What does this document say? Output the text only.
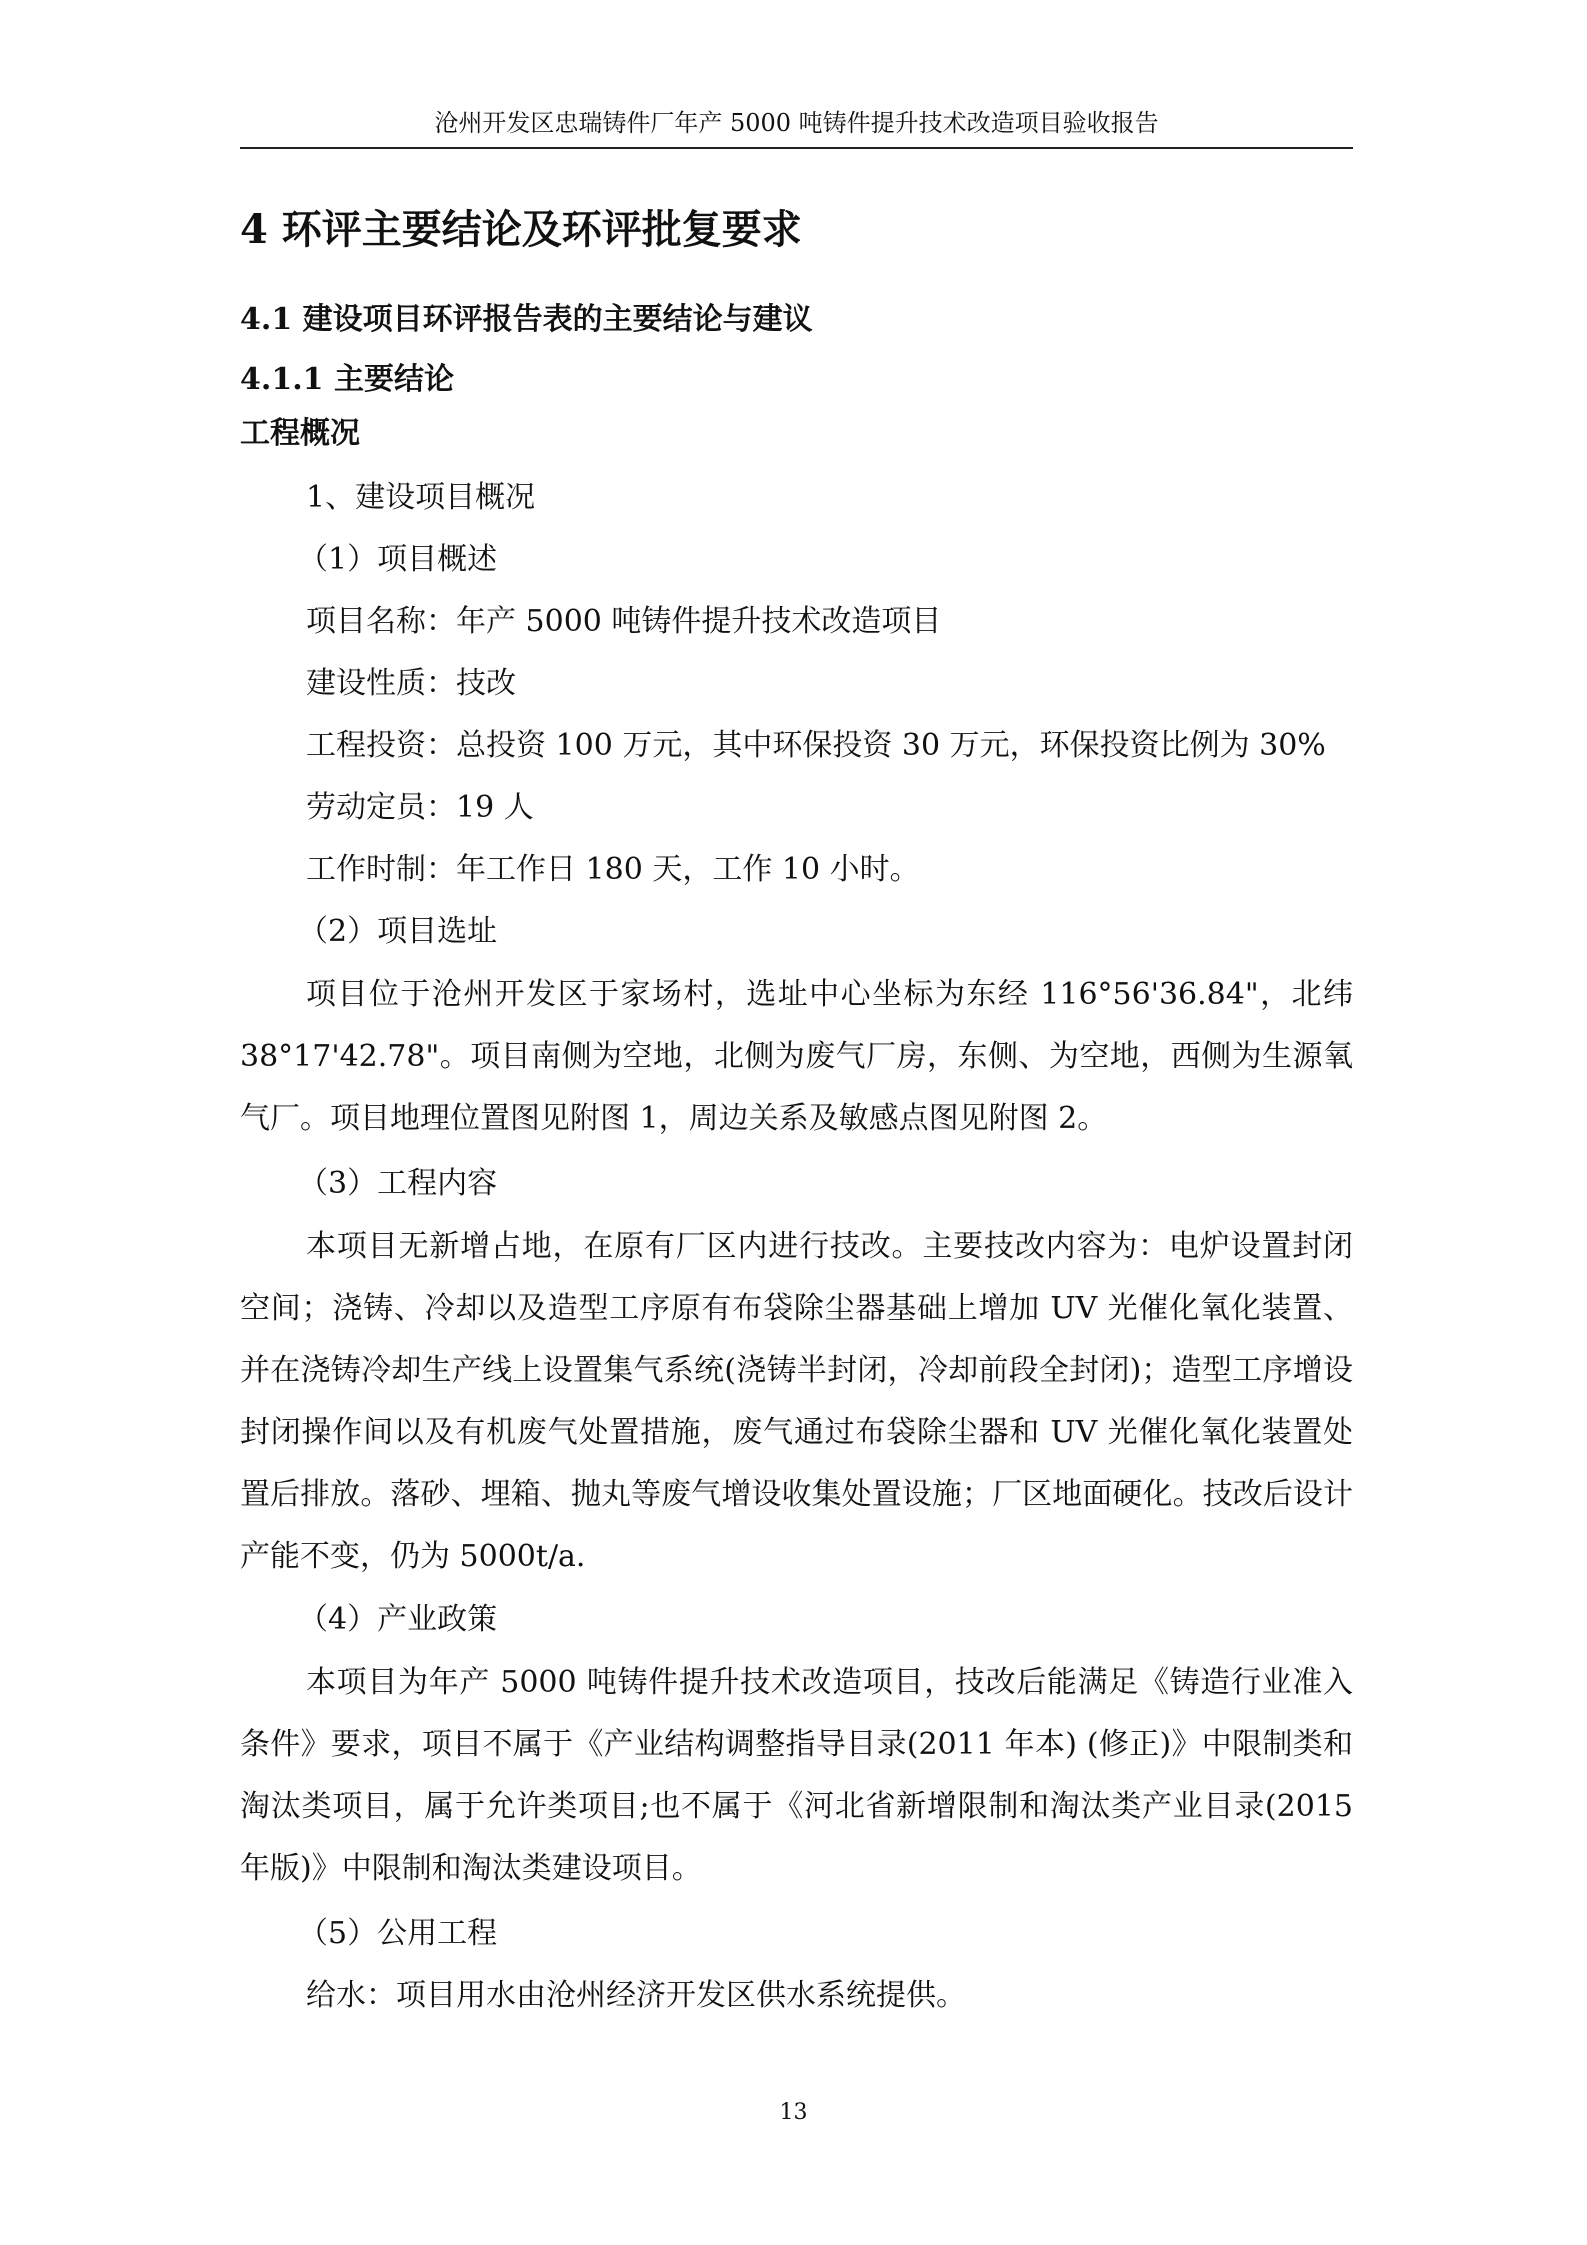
沧州开发区忠瑞铸件厂年产 5000 吨铸件提升技术改造项目验收报告
4 环评主要结论及环评批复要求
4.1 建设项目环评报告表的主要结论与建议
4.1.1 主要结论
工程概况
1、建设项目概况
（1）项目概述
项目名称：年产 5000 吨铸件提升技术改造项目
建设性质：技改
工程投资：总投资 100 万元，其中环保投资 30 万元，环保投资比例为 30%
劳动定员：19 人
工作时制：年工作日 180 天，工作 10 小时。
（2）项目选址
项目位于沧州开发区于家场村，选址中心坐标为东经 116°56'36.84"，北纬 38°17'42.78"。项目南侧为空地，北侧为废气厂房，东侧、为空地，西侧为生源氧气厂。项目地理位置图见附图 1，周边关系及敏感点图见附图 2。
（3）工程内容
本项目无新增占地，在原有厂区内进行技改。主要技改内容为：电炉设置封闭空间；浇铸、冷却以及造型工序原有布袋除尘器基础上增加 UV 光催化氧化装置、并在浇铸冷却生产线上设置集气系统(浇铸半封闭，冷却前段全封闭)；造型工序增设封闭操作间以及有机废气处置措施，废气通过布袋除尘器和 UV 光催化氧化装置处置后排放。落砂、埋箱、抛丸等废气增设收集处置设施；厂区地面硬化。技改后设计产能不变，仍为 5000t/a.
（4）产业政策
本项目为年产 5000 吨铸件提升技术改造项目，技改后能满足《铸造行业准入条件》要求，项目不属于《产业结构调整指导目录(2011 年本) (修正)》中限制类和淘汰类项目，属于允许类项目;也不属于《河北省新增限制和淘汰类产业目录(2015 年版)》中限制和淘汰类建设项目。
（5）公用工程
给水：项目用水由沧州经济开发区供水系统提供。
13
